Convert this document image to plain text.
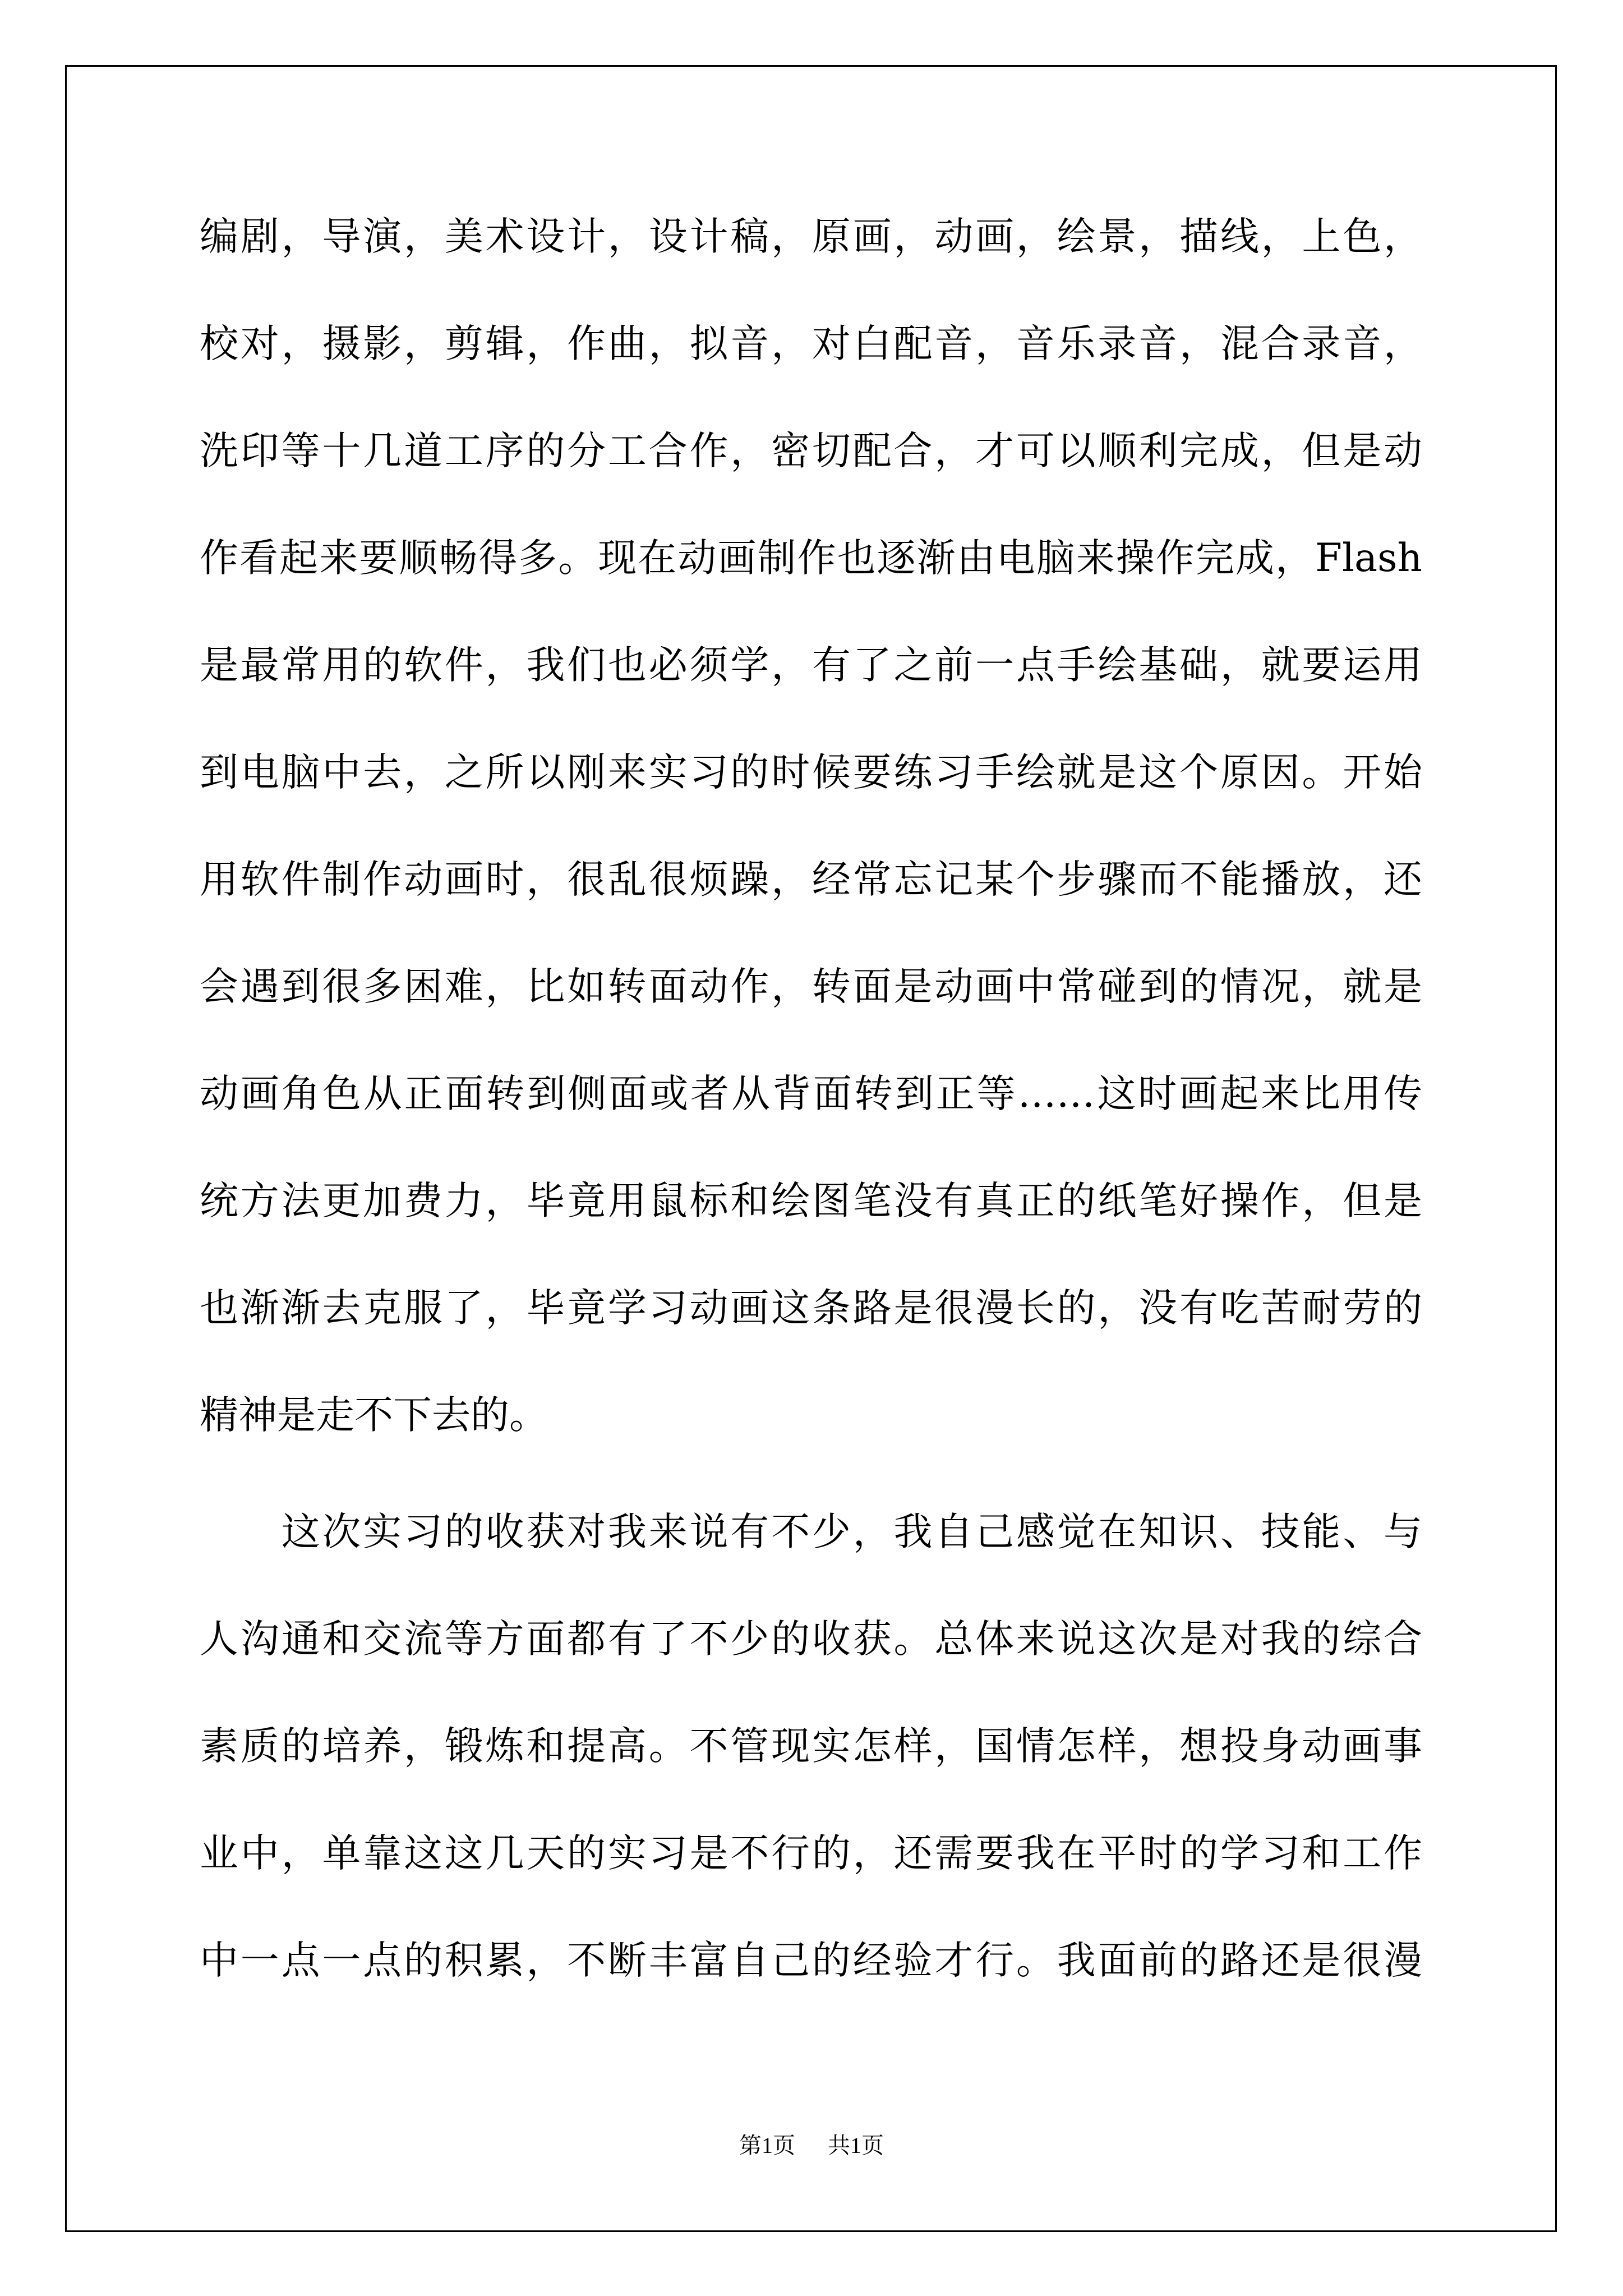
编剧，导演，美术设计，设计稿，原画，动画，绘景，描线，上色，
校对，摄影，剪辑，作曲，拟音，对白配音，音乐录音，混合录音，
洗印等十几道工序的分工合作，密切配合，才可以顺利完成，但是动
作看起来要顺畅得多。现在动画制作也逐渐由电脑来操作完成，Flash
是最常用的软件，我们也必须学，有了之前一点手绘基础，就要运用
到电脑中去，之所以刚来实习的时候要练习手绘就是这个原因。开始
用软件制作动画时，很乱很烦躁，经常忘记某个步骤而不能播放，还
会遇到很多困难，比如转面动作，转面是动画中常碰到的情况，就是
动画角色从正面转到侧面或者从背面转到正等……这时画起来比用传
统方法更加费力，毕竟用鼠标和绘图笔没有真正的纸笔好操作，但是
也渐渐去克服了，毕竟学习动画这条路是很漫长的，没有吃苦耐劳的
精神是走不下去的。
　　这次实习的收获对我来说有不少，我自己感觉在知识、技能、与
人沟通和交流等方面都有了不少的收获。总体来说这次是对我的综合
素质的培养，锻炼和提高。不管现实怎样，国情怎样，想投身动画事
业中，单靠这这几天的实习是不行的，还需要我在平时的学习和工作
中一点一点的积累，不断丰富自己的经验才行。我面前的路还是很漫
第1页 共1页
